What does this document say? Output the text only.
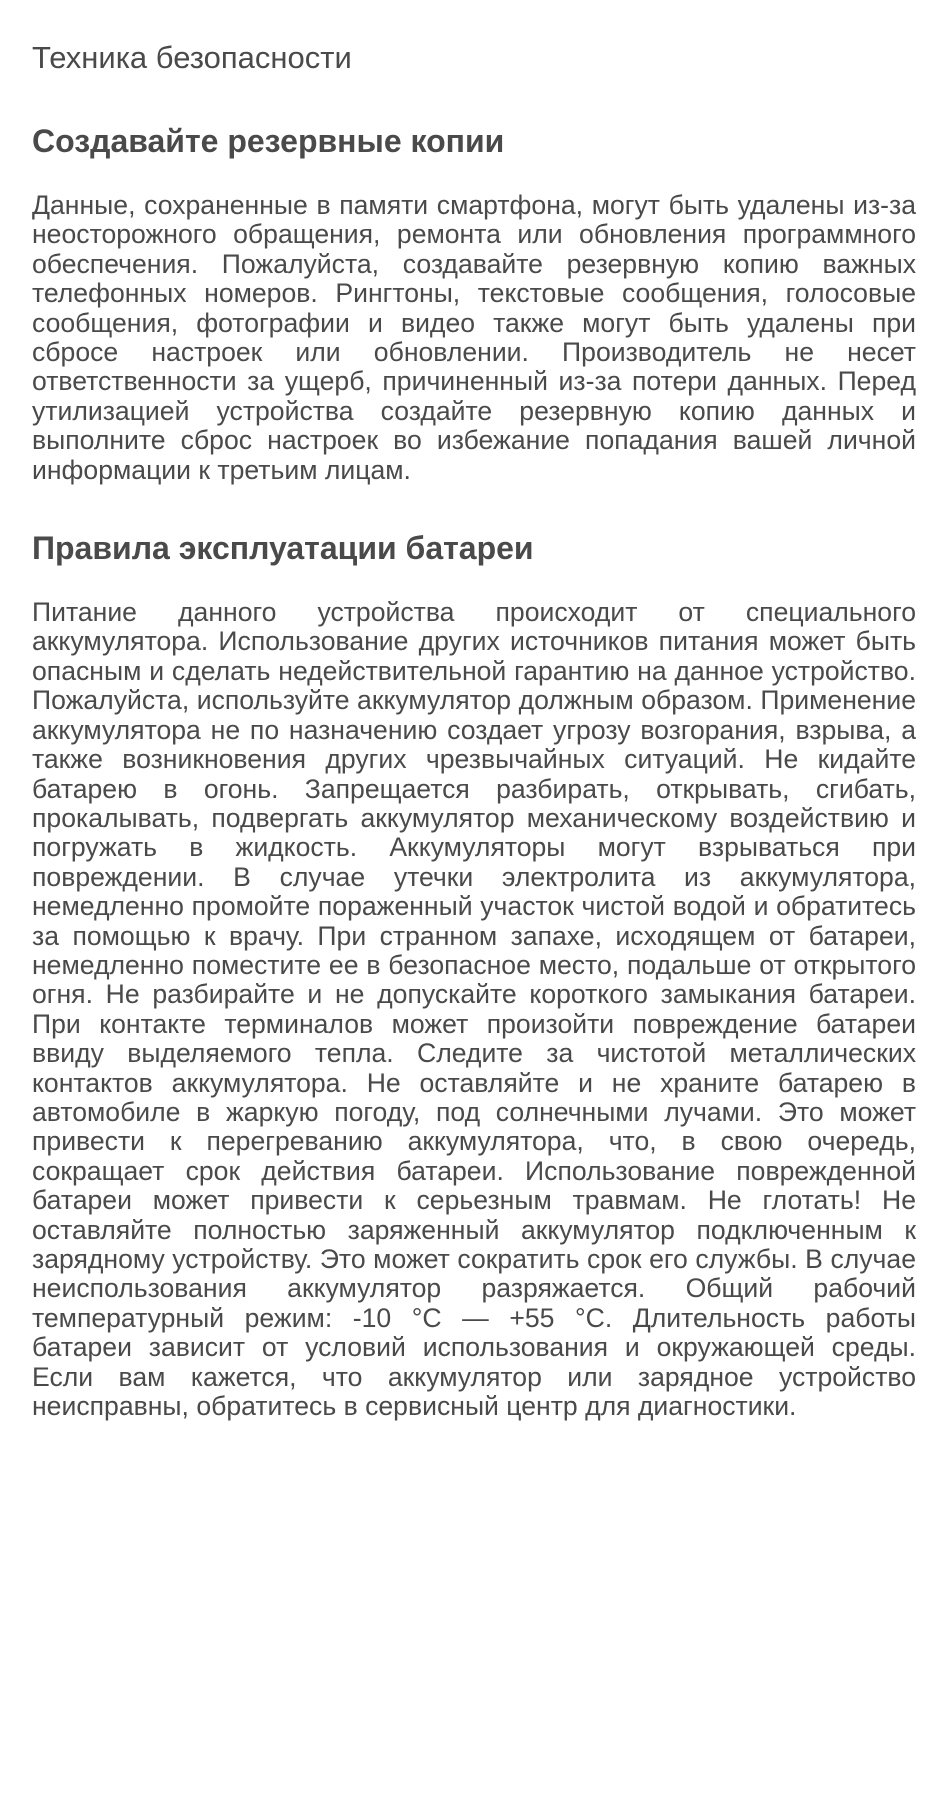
Техника безопасности
Создавайте резервные копии

Данные, сохраненные в памяти смартфона, могут быть удалены из-за неосторожного обращения, ремонта или обновления программного обеспечения. Пожалуйста, создавайте резервную копию важных телефонных номеров. Рингтоны, текстовые сообщения, голосовые сообщения, фотографии и видео также могут быть удалены при сбросе настроек или обновлении. Производитель не несет ответственности за ущерб, причиненный из-за потери данных. Перед утилизацией устройства создайте резервную копию данных и выполните сброс настроек во избежание попадания вашей личной информации к третьим лицам.

Правила эксплуатации батареи

Питание данного устройства происходит от специального аккумулятора. Использование других источников питания может быть опасным и сделать недействительной гарантию на данное устройство. Пожалуйста, используйте аккумулятор должным образом. Применение аккумулятора не по назначению создает угрозу возгорания, взрыва, а также возникновения других чрезвычайных ситуаций. Не кидайте батарею в огонь. Запрещается разбирать, открывать, сгибать, прокалывать, подвергать аккумулятор механическому воздействию и погружать в жидкость. Аккумуляторы могут взрываться при повреждении. В случае утечки электролита из аккумулятора, немедленно промойте пораженный участок чистой водой и обратитесь за помощью к врачу. При странном запахе, исходящем от батареи, немедленно поместите ее в безопасное место, подальше от открытого огня. Не разбирайте и не допускайте короткого замыкания батареи. При контакте терминалов может произойти повреждение батареи ввиду выделяемого тепла. Следите за чистотой металлических контактов аккумулятора. Не оставляйте и не храните батарею в автомобиле в жаркую погоду, под солнечными лучами. Это может привести к перегреванию аккумулятора, что, в свою очередь, сокращает срок действия батареи. Использование поврежденной батареи может привести к серьезным травмам. Не глотать! Не оставляйте полностью заряженный аккумулятор подключенным к зарядному устройству. Это может сократить срок его службы. В случае неиспользования аккумулятор разряжается. Общий рабочий температурный режим: -10 °C — +55 °C. Длительность работы батареи зависит от условий использования и окружающей среды. Если вам кажется, что аккумулятор или зарядное устройство неисправны, обратитесь в сервисный центр для диагностики.
